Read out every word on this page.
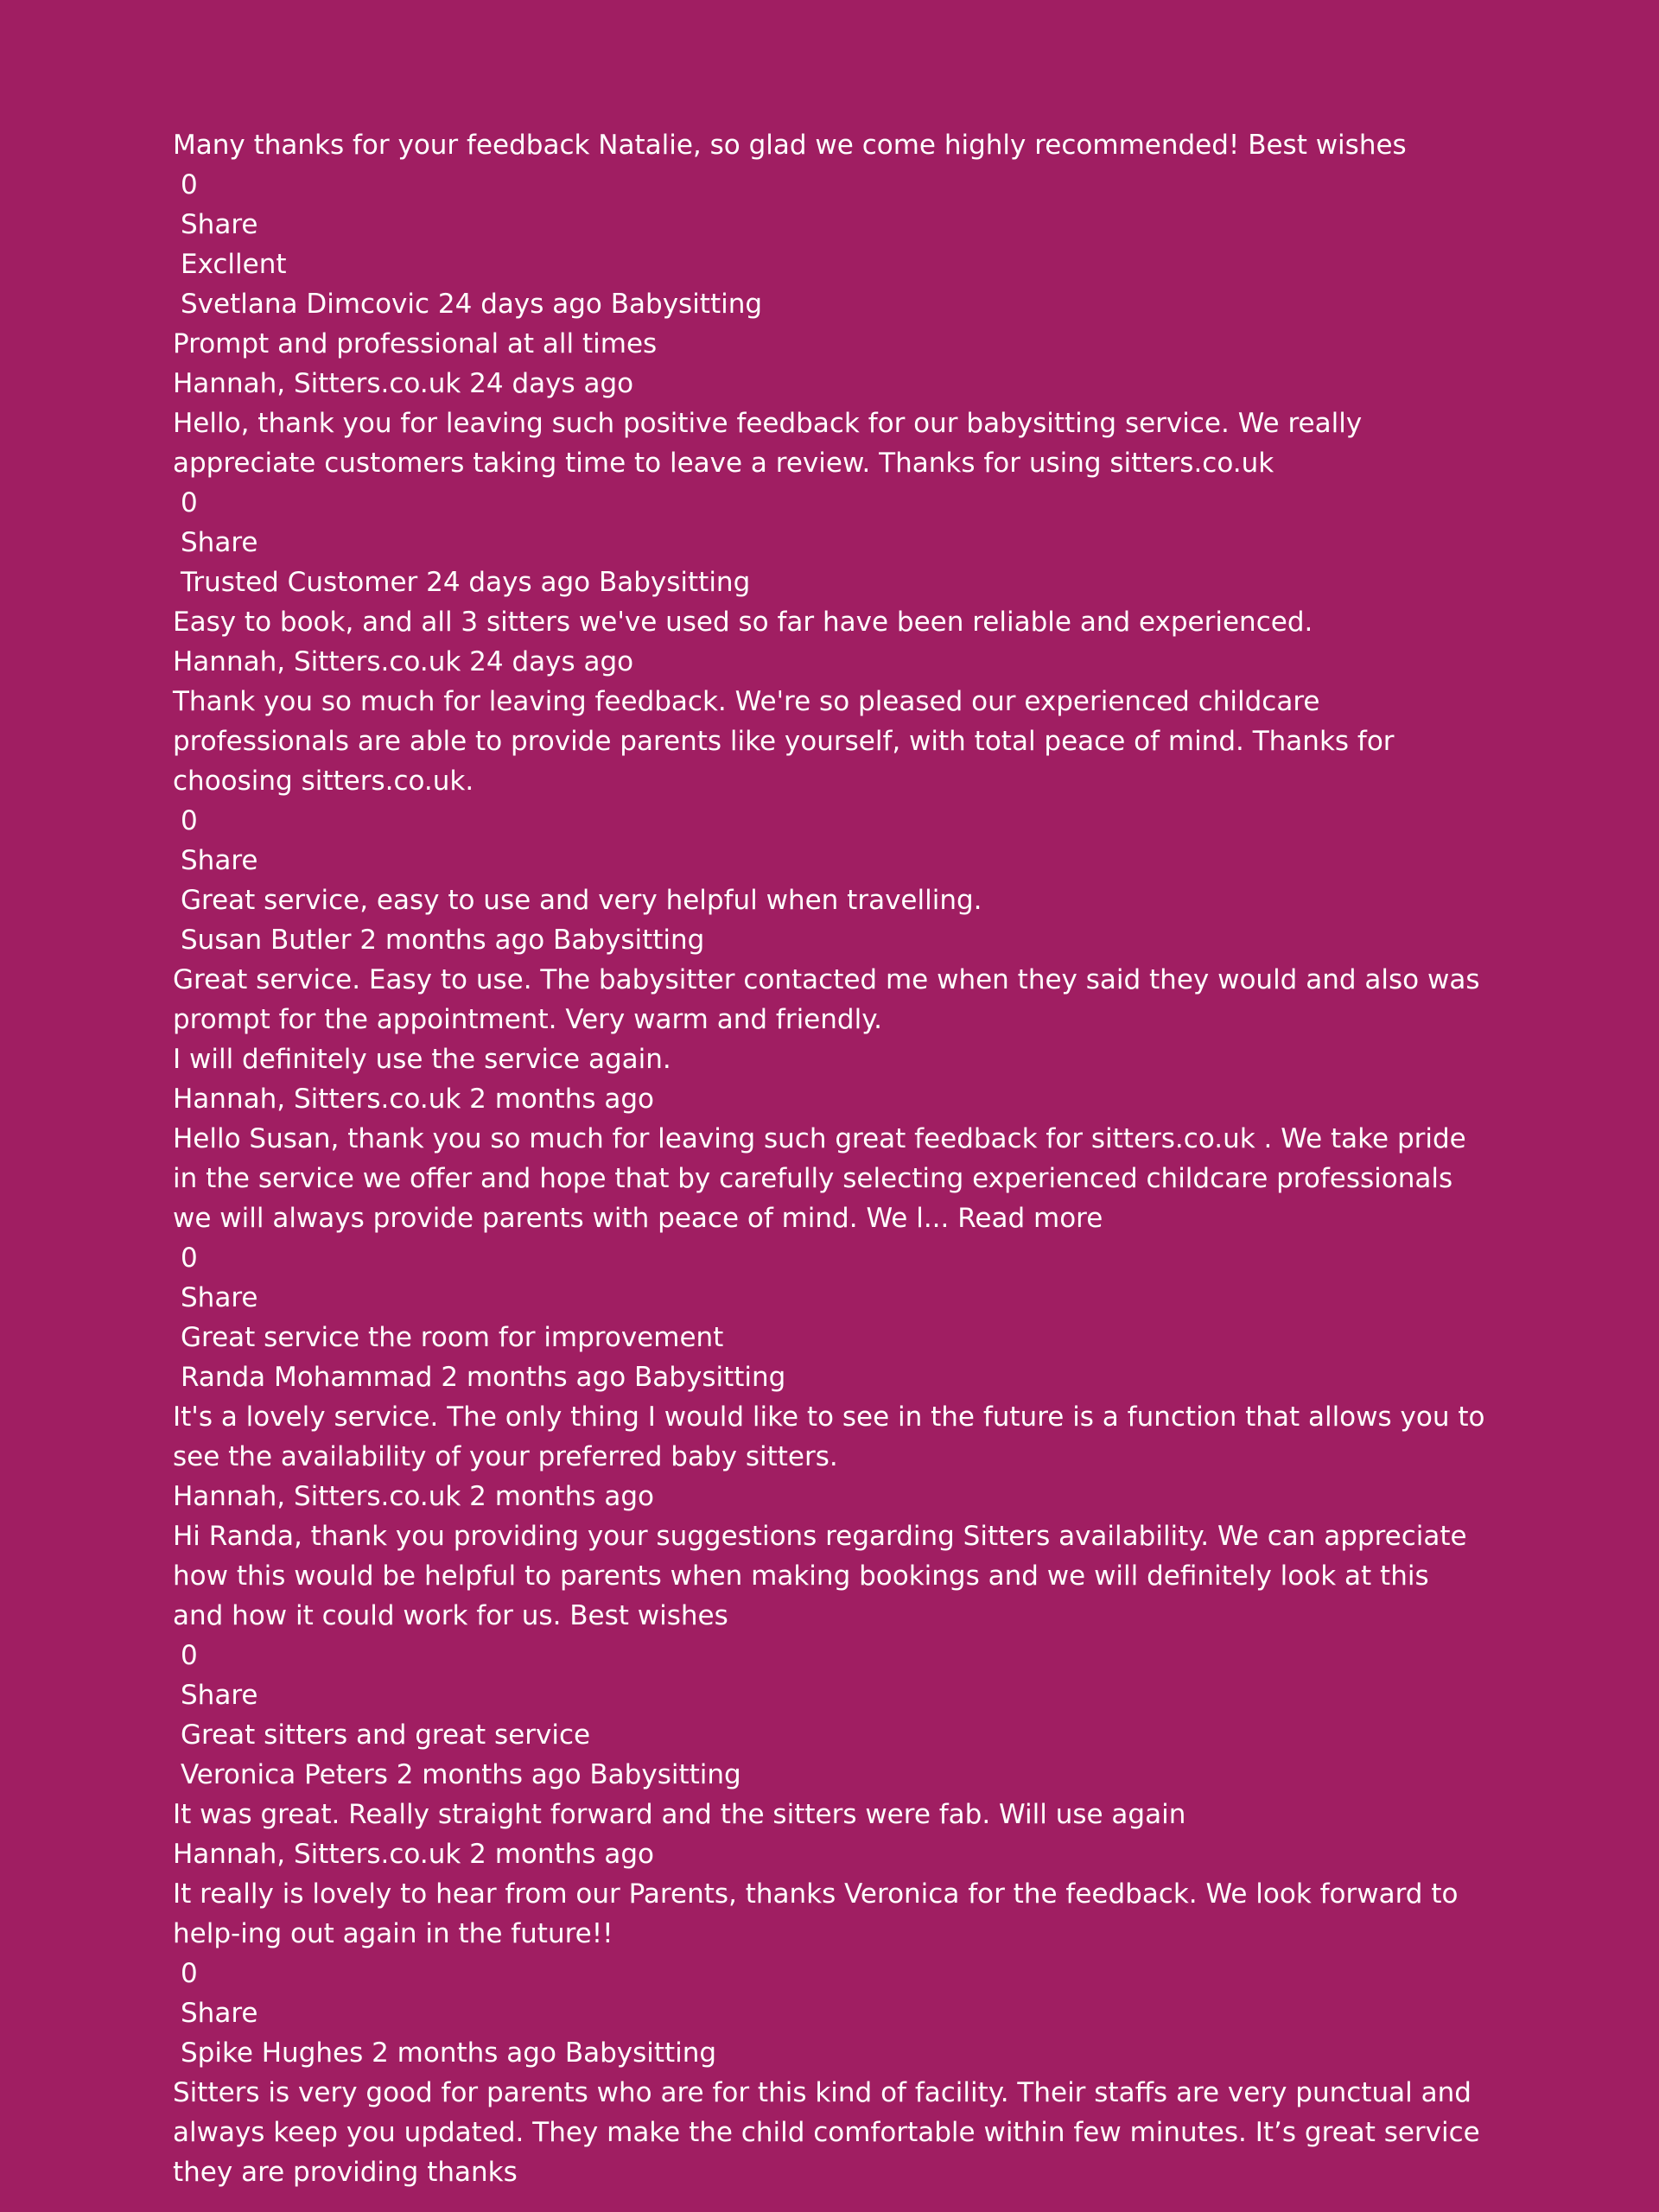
Many thanks for your feedback Natalie, so glad we come highly recommended! Best wishes

0

Share

Excllent

Svetlana Dimcovic 24 days ago Babysitting

Prompt and professional at all times

Hannah, Sitters.co.uk 24 days ago

Hello, thank you for leaving such positive feedback for our babysitting service. We really appreciate customers taking time to leave a review. Thanks for using sitters.co.uk

0

Share

Trusted Customer 24 days ago Babysitting

Easy to book, and all 3 sitters we've used so far have been reliable and experienced.

Hannah, Sitters.co.uk 24 days ago

Thank you so much for leaving feedback. We're so pleased our experienced childcare professionals are able to provide parents like yourself, with total peace of mind. Thanks for choosing sitters.co.uk.

0

Share

Great service, easy to use and very helpful when travelling.

Susan Butler 2 months ago Babysitting

Great service. Easy to use. The babysitter contacted me when they said they would and also was prompt for the appointment. Very warm and friendly.

I will definitely use the service again.

Hannah, Sitters.co.uk 2 months ago

Hello Susan, thank you so much for leaving such great feedback for sitters.co.uk . We take pride in the service we offer and hope that by carefully selecting experienced childcare professionals we will always provide parents with peace of mind. We l... Read more

0

Share

Great service the room for improvement

Randa Mohammad 2 months ago Babysitting

It's a lovely service. The only thing I would like to see in the future is a function that allows you to see the availability of your preferred baby sitters.

Hannah, Sitters.co.uk 2 months ago

Hi Randa, thank you providing your suggestions regarding Sitters availability. We can appreciate how this would be helpful to parents when making bookings and we will definitely look at this and how it could work for us. Best wishes

0

Share

Great sitters and great service

Veronica Peters 2 months ago Babysitting

It was great. Really straight forward and the sitters were fab. Will use again

Hannah, Sitters.co.uk 2 months ago

It really is lovely to hear from our Parents, thanks Veronica for the feedback. We look forward to help-ing out again in the future!!

0

Share

Spike Hughes 2 months ago Babysitting

Sitters is very good for parents who are for this kind of facility. Their staffs are very punctual and always keep you updated. They make the child comfortable within few minutes. It’s great service they are providing thanks
